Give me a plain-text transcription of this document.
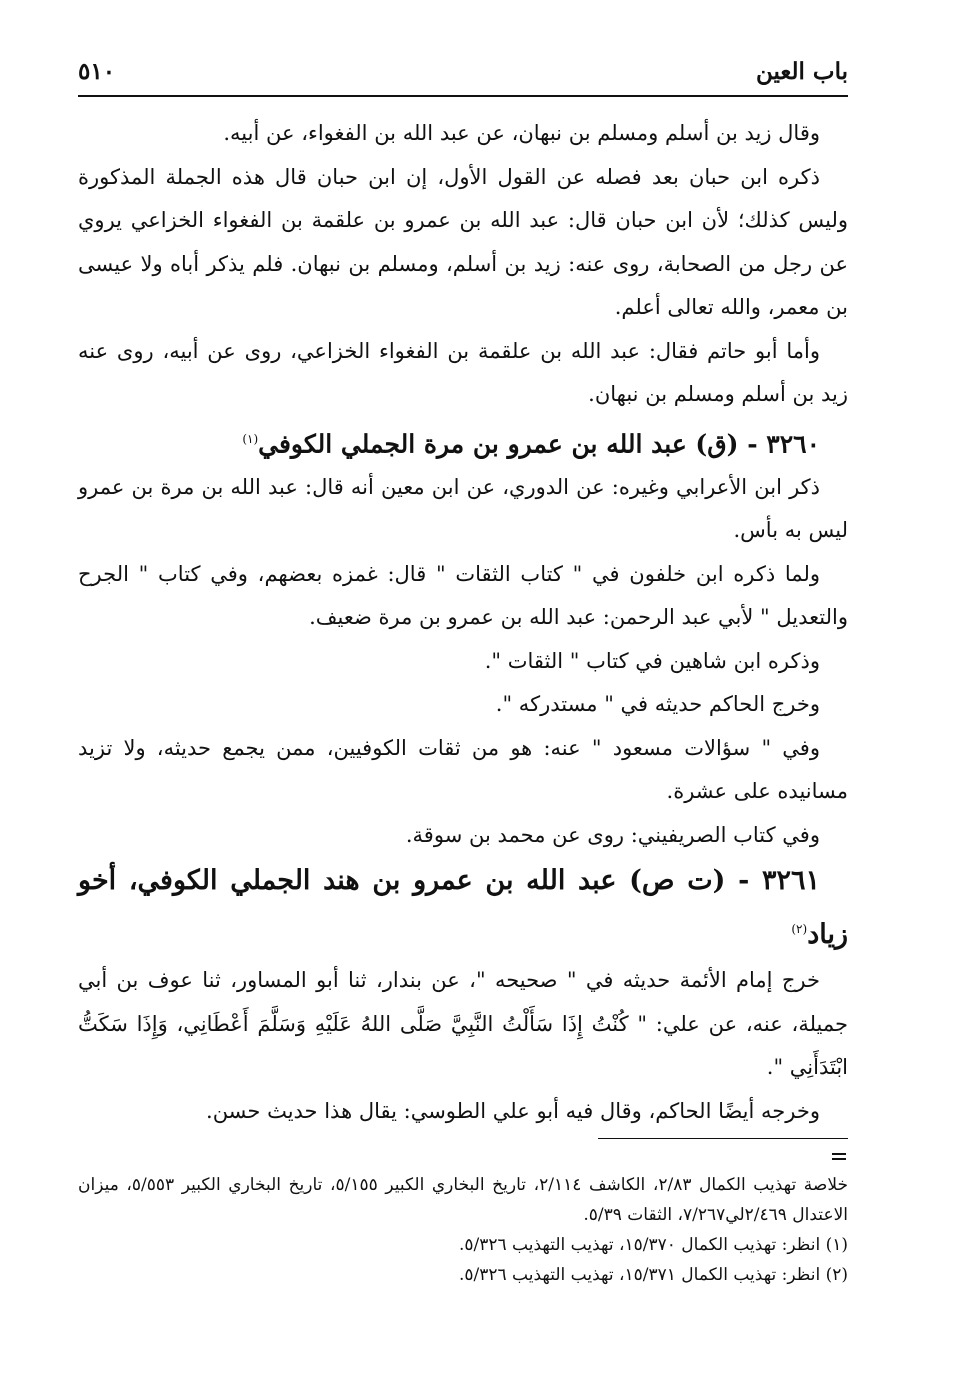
باب العين
٥١٠

وقال زيد بن أسلم ومسلم بن نبهان، عن عبد الله بن الفغواء، عن أبيه.

ذكره ابن حبان بعد فصله عن القول الأول، إن ابن حبان قال هذه الجملة المذكورة وليس كذلك؛ لأن ابن حبان قال: عبد الله بن عمرو بن علقمة بن الفغواء الخزاعي يروي عن رجل من الصحابة، روى عنه: زيد بن أسلم، ومسلم بن نبهان. فلم يذكر أباه ولا عيسى بن معمر، والله تعالى أعلم.

وأما أبو حاتم فقال: عبد الله بن علقمة بن الفغواء الخزاعي، روى عن أبيه، روى عنه زيد بن أسلم ومسلم بن نبهان.

٣٢٦٠ - (ق) عبد الله بن عمرو بن مرة الجملي الكوفي$^{(١)}$

ذكر ابن الأعرابي وغيره: عن الدوري، عن ابن معين أنه قال: عبد الله بن مرة بن عمرو ليس به بأس.

ولما ذكره ابن خلفون في " كتاب الثقات " قال: غمزه بعضهم، وفي كتاب " الجرح والتعديل " لأبي عبد الرحمن: عبد الله بن عمرو بن مرة ضعيف.

وذكره ابن شاهين في كتاب " الثقات ".

وخرج الحاكم حديثه في " مستدركه ".

وفي " سؤالات مسعود " عنه: هو من ثقات الكوفيين، ممن يجمع حديثه، ولا تزيد مسانيده على عشرة.

وفي كتاب الصريفيني: روى عن محمد بن سوقة.

٣٢٦١ - (ت ص) عبد الله بن عمرو بن هند الجملي الكوفي، أخو زياد$^{(٢)}$

خرج إمام الأئمة حديثه في " صحيحه "، عن بندار، ثنا أبو المساور، ثنا عوف بن أبي جميلة، عنه، عن علي: " كُنْتُ إِذَا سَأَلْتُ النَّبِيَّ صَلَّى اللهُ عَلَيْهِ وَسَلَّمَ أَعْطَانِي، وَإِذَا سَكَتُّ ابْتَدَأَنِي ".

وخرجه أيضًا الحاكم، وقال فيه أبو علي الطوسي: يقال هذا حديث حسن.

خلاصة تهذيب الكمال ٢/٨٣، الكاشف ٢/١١٤، تاريخ البخاري الكبير ٥/١٥٥، تاريخ البخاري الكبير ٥/٥٥٣، ميزان الاعتدال ٢/٤٦٩لي٧/٢٦٧، الثقات ٥/٣٩.

(١) انظر: تهذيب الكمال ١٥/٣٧٠، تهذيب التهذيب ٥/٣٢٦.

(٢) انظر: تهذيب الكمال ١٥/٣٧١، تهذيب التهذيب ٥/٣٢٦.
